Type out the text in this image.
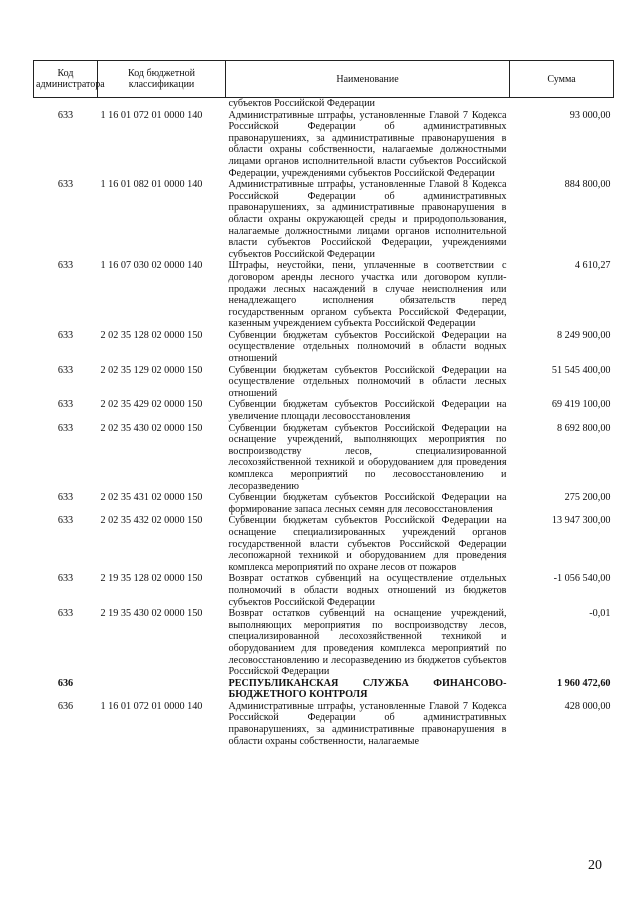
Код администратора	Код бюджетной классификации	Наименование	Сумма
		субъектов Российской Федерации	
633	1 16 01 072 01 0000 140	Административные штрафы, установленные Главой 7 Кодекса Российской Федерации об административных правонарушениях, за административные правонарушения в области охраны собственности, налагаемые должностными лицами органов исполнительной власти субъектов Российской Федерации, учреждениями субъектов Российской Федерации	93 000,00
633	1 16 01 082 01 0000 140	Административные штрафы, установленные Главой 8 Кодекса Российской Федерации об административных правонарушениях, за административные правонарушения в области охраны окружающей среды и природопользования, налагаемые должностными лицами органов исполнительной власти субъектов Российской Федерации, учреждениями субъектов Российской Федерации	884 800,00
633	1 16 07 030 02 0000 140	Штрафы, неустойки, пени, уплаченные в соответствии с договором аренды лесного участка или договором купли-продажи лесных насаждений в случае неисполнения или ненадлежащего исполнения обязательств перед государственным органом субъекта Российской Федерации, казенным учреждением субъекта Российской Федерации	4 610,27
633	2 02 35 128 02 0000 150	Субвенции бюджетам субъектов Российской Федерации на осуществление отдельных полномочий в области водных отношений	8 249 900,00
633	2 02 35 129 02 0000 150	Субвенции бюджетам субъектов Российской Федерации на осуществление отдельных полномочий в области лесных отношений	51 545 400,00
633	2 02 35 429 02 0000 150	Субвенции бюджетам субъектов Российской Федерации на увеличение площади лесовосстановления	69 419 100,00
633	2 02 35 430 02 0000 150	Субвенции бюджетам субъектов Российской Федерации на оснащение учреждений, выполняющих мероприятия по воспроизводству лесов, специализированной лесохозяйственной техникой и оборудованием для проведения комплекса мероприятий по лесовосстановлению и лесоразведению	8 692 800,00
633	2 02 35 431 02 0000 150	Субвенции бюджетам субъектов Российской Федерации на формирование запаса лесных семян для лесовосстановления	275 200,00
633	2 02 35 432 02 0000 150	Субвенции бюджетам субъектов Российской Федерации на оснащение специализированных учреждений органов государственной власти субъектов Российской Федерации лесопожарной техникой и оборудованием для проведения комплекса мероприятий по охране лесов от пожаров	13 947 300,00
633	2 19 35 128 02 0000 150	Возврат остатков субвенций на осуществление отдельных полномочий в области водных отношений из бюджетов субъектов Российской Федерации	-1 056 540,00
633	2 19 35 430 02 0000 150	Возврат остатков субвенций на оснащение учреждений, выполняющих мероприятия по воспроизводству лесов, специализированной лесохозяйственной техникой и оборудованием для проведения комплекса мероприятий по лесовосстановлению и лесоразведению из бюджетов субъектов Российской Федерации	-0,01
636		РЕСПУБЛИКАНСКАЯ СЛУЖБА ФИНАНСОВО-БЮДЖЕТНОГО КОНТРОЛЯ	1 960 472,60
636	1 16 01 072 01 0000 140	Административные штрафы, установленные Главой 7 Кодекса Российской Федерации об административных правонарушениях, за административные правонарушения в области охраны собственности, налагаемые	428 000,00
20
